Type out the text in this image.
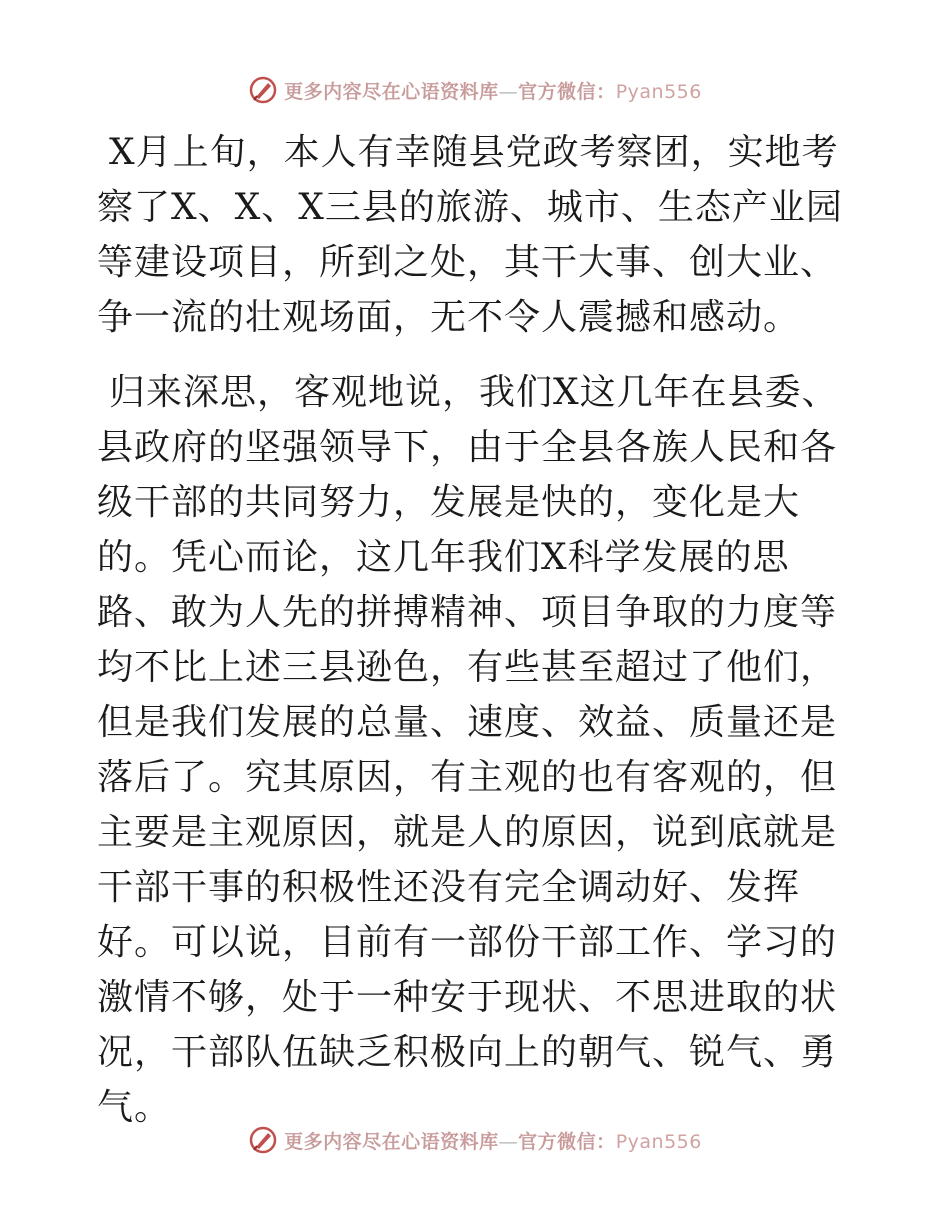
更多内容尽在心语资料库—官方微信：Pyan556

X月上旬，本人有幸随县党政考察团，实地考察了X、X、X三县的旅游、城市、生态产业园等建设项目，所到之处，其干大事、创大业、争一流的壮观场面，无不令人震撼和感动。

归来深思，客观地说，我们X这几年在县委、县政府的坚强领导下，由于全县各族人民和各级干部的共同努力，发展是快的，变化是大的。凭心而论，这几年我们X科学发展的思路、敢为人先的拼搏精神、项目争取的力度等均不比上述三县逊色，有些甚至超过了他们，但是我们发展的总量、速度、效益、质量还是落后了。究其原因，有主观的也有客观的，但主要是主观原因，就是人的原因，说到底就是干部干事的积极性还没有完全调动好、发挥好。可以说，目前有一部份干部工作、学习的激情不够，处于一种安于现状、不思进取的状况，干部队伍缺乏积极向上的朝气、锐气、勇气。

更多内容尽在心语资料库—官方微信：Pyan556
